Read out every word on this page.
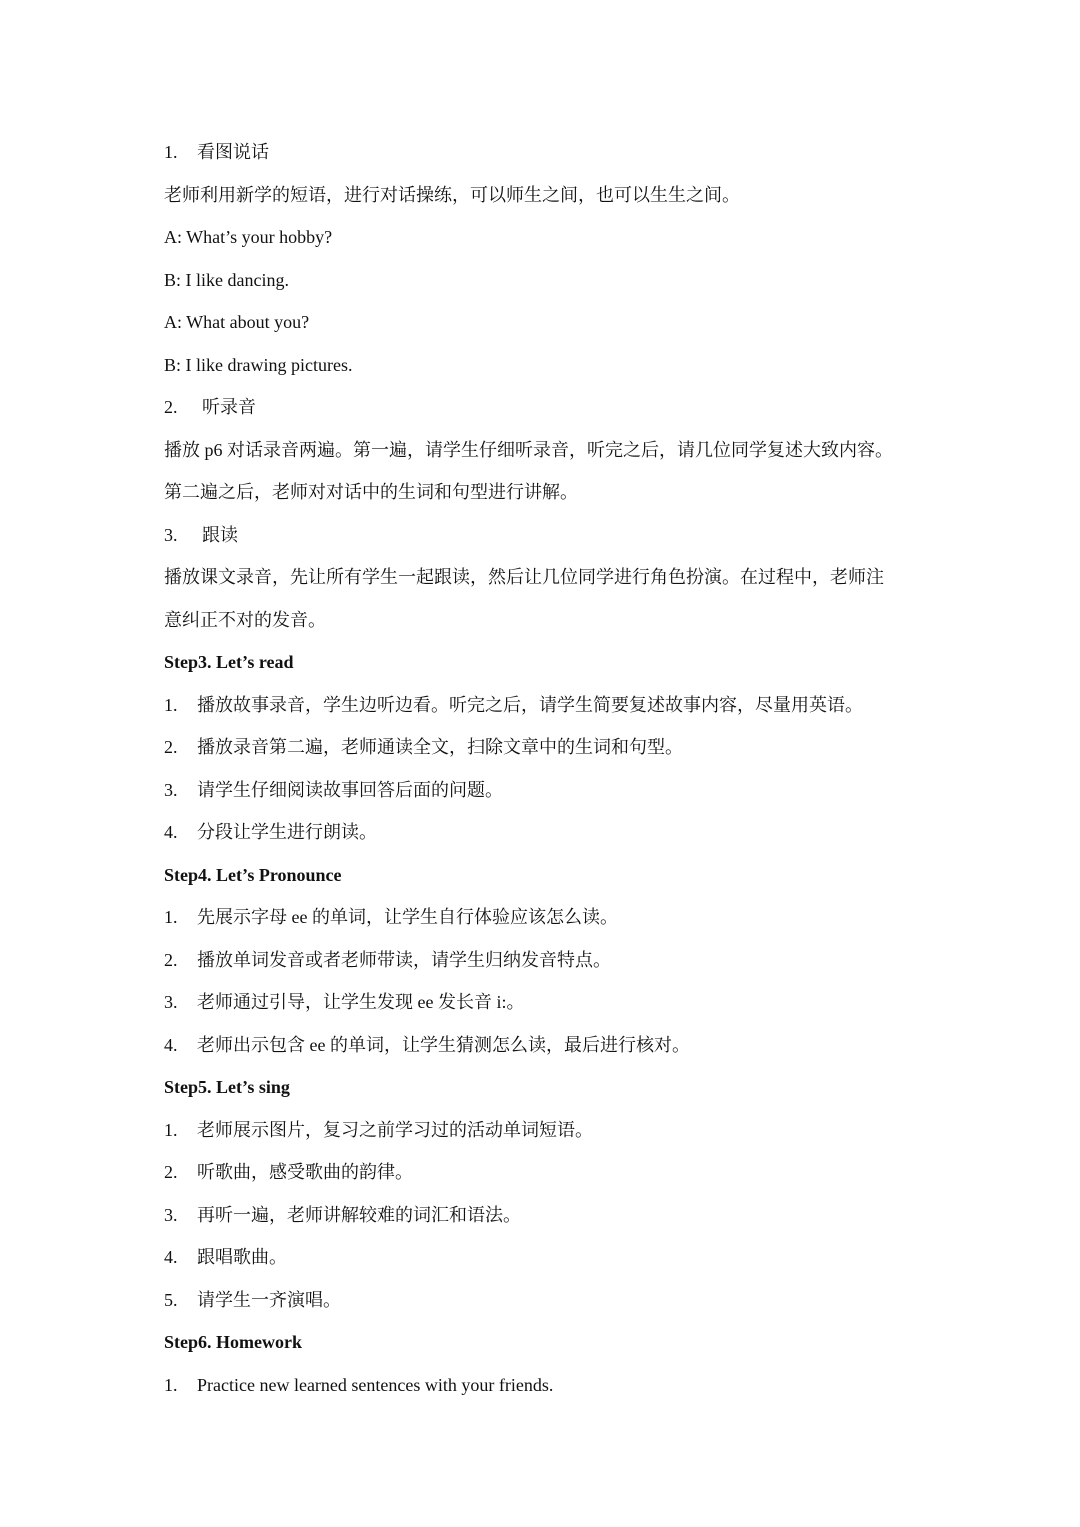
1. 看图说话
老师利用新学的短语，进行对话操练，可以师生之间，也可以生生之间。
A: What’s your hobby?
B: I like dancing.
A: What about you?
B: I like drawing pictures.
2. 听录音
播放 p6 对话录音两遍。第一遍，请学生仔细听录音，听完之后，请几位同学复述大致内容。
第二遍之后，老师对对话中的生词和句型进行讲解。
3. 跟读
播放课文录音，先让所有学生一起跟读，然后让几位同学进行角色扮演。在过程中，老师注
意纠正不对的发音。
Step3. Let’s read
1. 播放故事录音，学生边听边看。听完之后，请学生简要复述故事内容，尽量用英语。
2. 播放录音第二遍，老师通读全文，扫除文章中的生词和句型。
3. 请学生仔细阅读故事回答后面的问题。
4. 分段让学生进行朗读。
Step4. Let’s Pronounce
1. 先展示字母 ee 的单词，让学生自行体验应该怎么读。
2. 播放单词发音或者老师带读，请学生归纳发音特点。
3. 老师通过引导，让学生发现 ee 发长音 i:。
4. 老师出示包含 ee 的单词，让学生猜测怎么读，最后进行核对。
Step5. Let’s sing
1. 老师展示图片，复习之前学习过的活动单词短语。
2. 听歌曲，感受歌曲的韵律。
3. 再听一遍，老师讲解较难的词汇和语法。
4. 跟唱歌曲。
5. 请学生一齐演唱。
Step6. Homework
1. Practice new learned sentences with your friends.
